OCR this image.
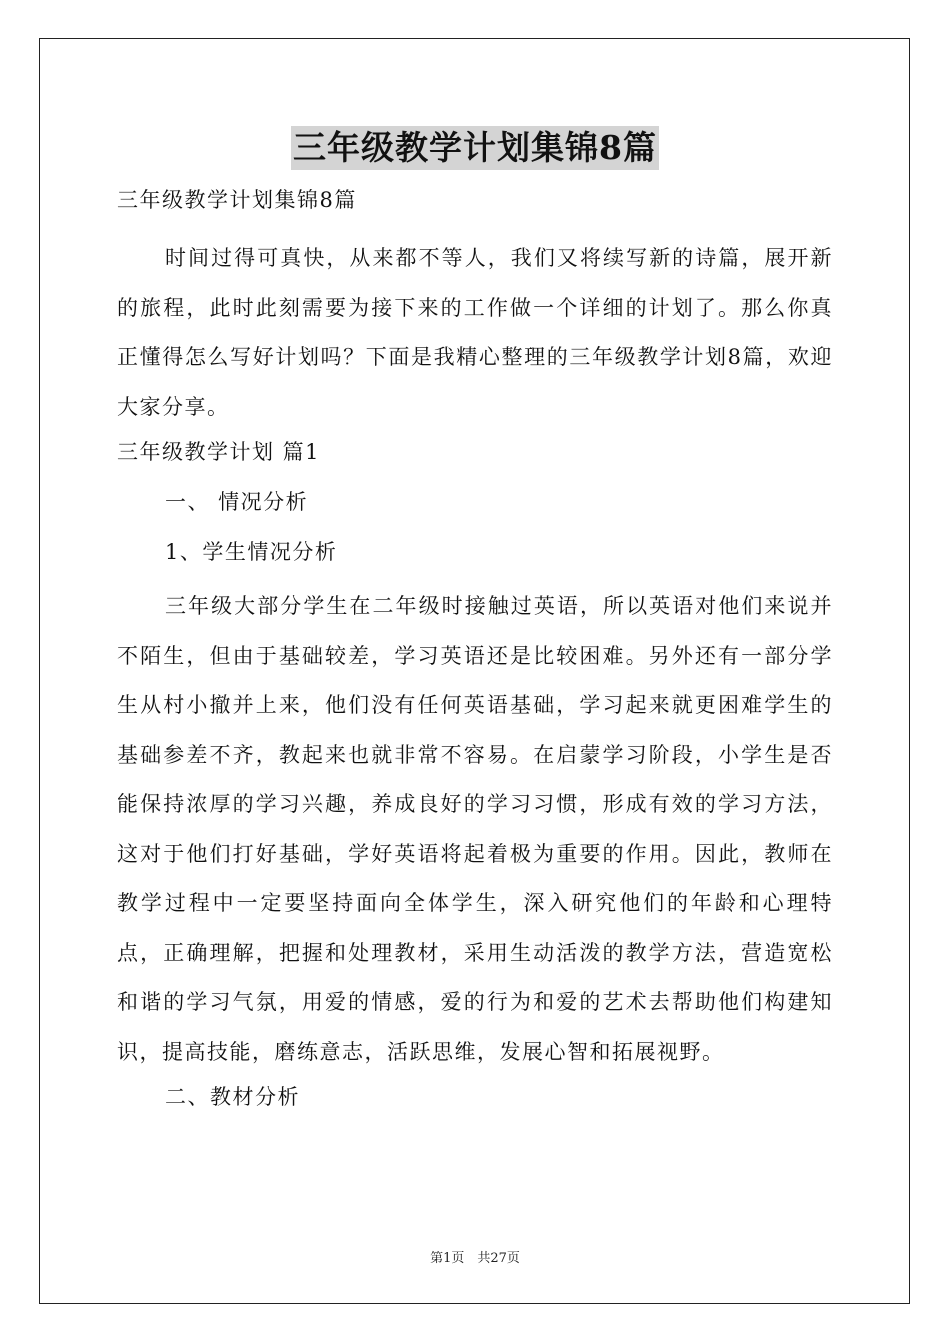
三年级教学计划集锦8篇
三年级教学计划集锦8篇
时间过得可真快，从来都不等人，我们又将续写新的诗篇，展开新的旅程，此时此刻需要为接下来的工作做一个详细的计划了。那么你真正懂得怎么写好计划吗？下面是我精心整理的三年级教学计划8篇，欢迎大家分享。
三年级教学计划 篇1
一、 情况分析
1、学生情况分析
三年级大部分学生在二年级时接触过英语，所以英语对他们来说并不陌生，但由于基础较差，学习英语还是比较困难。另外还有一部分学生从村小撤并上来，他们没有任何英语基础，学习起来就更困难学生的基础参差不齐，教起来也就非常不容易。在启蒙学习阶段，小学生是否能保持浓厚的学习兴趣，养成良好的学习习惯，形成有效的学习方法，这对于他们打好基础，学好英语将起着极为重要的作用。因此，教师在教学过程中一定要坚持面向全体学生，深入研究他们的年龄和心理特点，正确理解，把握和处理教材，采用生动活泼的教学方法，营造宽松和谐的学习气氛，用爱的情感，爱的行为和爱的艺术去帮助他们构建知识，提高技能，磨练意志，活跃思维，发展心智和拓展视野。
二、教材分析
第1页　共27页
